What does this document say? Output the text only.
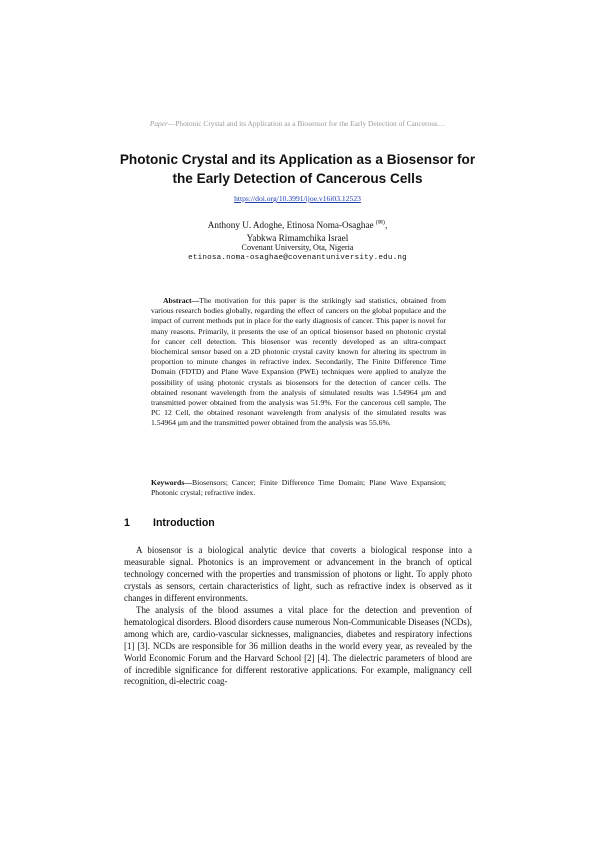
Paper—Photonic Crystal and its Application as a Biosensor for the Early Detection of Cancerous…
Photonic Crystal and its Application as a Biosensor for
the Early Detection of Cancerous Cells
https://doi.org/10.3991/ijoe.v16i03.12523
Anthony U. Adoghe, Etinosa Noma-Osaghae (✉),
Yabkwa Rimamchika Israel
Covenant University, Ota, Nigeria
etinosa.noma-osaghae@covenantuniversity.edu.ng

Abstract—The motivation for this paper is the strikingly sad statistics, obtained from various research bodies globally, regarding the effect of cancers on the global populace and the impact of current methods put in place for the early diagnosis of cancer. This paper is novel for many reasons. Primarily, it presents the use of an optical biosensor based on photonic crystal for cancer cell detection. This biosensor was recently developed as an ultra-compact biochemical sensor based on a 2D photonic crystal cavity known for altering its spectrum in proportion to minute changes in refractive index. Secondarily, The Finite Difference Time Domain (FDTD) and Plane Wave Expansion (PWE) techniques were applied to analyze the possibility of using photonic crystals as biosensors for the detection of cancer cells. The obtained resonant wavelength from the analysis of simulated results was 1.54964 μm and transmitted power obtained from the analysis was 51.9%. For the cancerous cell sample, The PC 12 Cell, the obtained resonant wavelength from analysis of the simulated results was 1.54964 μm and the transmitted power obtained from the analysis was 55.6%.

Keywords—Biosensors; Cancer; Finite Difference Time Domain; Plane Wave Expansion; Photonic crystal; refractive index.

1 Introduction

A biosensor is a biological analytic device that coverts a biological response into a measurable signal. Photonics is an improvement or advancement in the branch of optical technology concerned with the properties and transmission of photons or light. To apply photo crystals as sensors, certain characteristics of light, such as refractive index is observed as it changes in different environments.

The analysis of the blood assumes a vital place for the detection and prevention of hematological disorders. Blood disorders cause numerous Non-Communicable Diseases (NCDs), among which are, cardio-vascular sicknesses, malignancies, diabetes and respiratory infections [1] [3]. NCDs are responsible for 36 million deaths in the world every year, as revealed by the World Economic Forum and the Harvard School [2] [4]. The dielectric parameters of blood are of incredible significance for different restorative applications. For example, malignancy cell recognition, di-electric coag-
